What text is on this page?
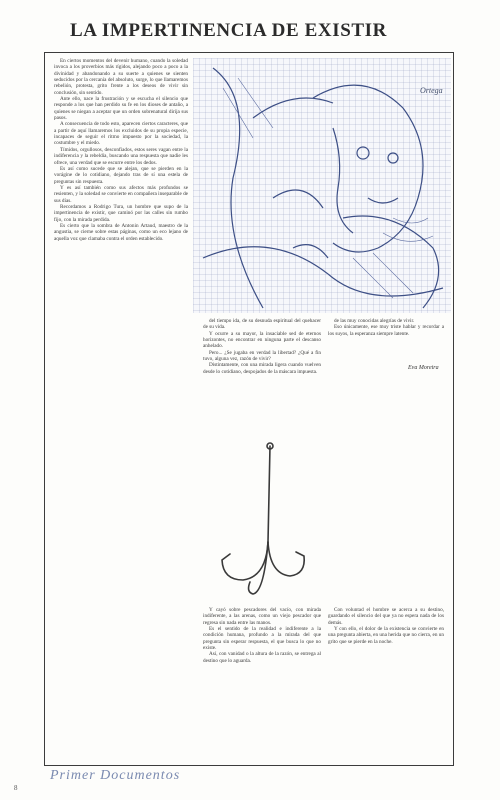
LA IMPERTINENCIA DE EXISTIR

En ciertos momentos del devenir humano, cuando la soledad invoca a los proverbios más rígidos, alejando poco a poco a la divinidad y abandonando a su suerte a quienes se sienten seducidos por la cercanía del absoluto, surge, lo que llamaremos rebelión, protesta, grito frente a los deseos de vivir sin conclusión, sin sentido.

Ante ello, nace la frustración y se escucha el silencio que responde a los que han perdido su fe en los dioses de antaño, a quienes se niegan a aceptar que un orden sobrenatural dirija sus pasos.

A consecuencia de todo esto, aparecen ciertos caracteres, que a partir de aquí llamaremos los excluidos de su propia especie, incapaces de seguir el ritmo impuesto por la sociedad, la costumbre y el miedo.

Tímidos, orgullosos, desconfiados, estos seres vagan entre la indiferencia y la rebeldía, buscando una respuesta que nadie les ofrece, una verdad que se escurre entre los dedos.

Es así como sucede que se alejan, que se pierden en la vorágine de lo cotidiano, dejando tras de sí una estela de preguntas sin respuesta.

Y es así también como sus afectos más profundos se resienten, y la soledad se convierte en compañera inseparable de sus días.

Recordamos a Rodrigo Tura, un hombre que supo de la impertinencia de existir, que caminó por las calles sin rumbo fijo, con la mirada perdida.

Es cierto que la sombra de Antonin Artaud, maestro de la angustia, se cierne sobre estas páginas, como un eco lejano de aquella voz que clamaba contra el orden establecido.

Ortega

del tiempo ida, de su desnuda espiritual del quehacer de su vida.

Y ocurre a su mayor, la insaciable sed de eternos horizontes, no encontrar en ninguna parte el descanso anhelado.

Pero... ¿Se jugaba en verdad la libertad? ¿Qué a fin tuvo, alguna vez, razón de vivir?

Distintamente, con una mirada ligera cuando vuelven desde lo cotidiano, despojados de la máscara impuesta.

de las muy conocidas alegrías de vivir.

Eso únicamente, ese muy triste hablar y recordar a los suyos, la esperanza siempre latente.

Eva Moreira

Y cayó sobre pescadores del vacío, con mirada indiferente, a las arenas, como un viejo pescador que regresa sin nada entre las manos.

Es el sentido de la realidad e indiferente a la condición humana, profundo a la mirada del que pregunta sin esperar respuesta, el que busca lo que no existe.

Así, con vanidad o la altura de la razón, se entrega al destino que lo aguarda.

Con voluntad el hombre se acerca a su destino, guardando el silencio del que ya no espera nada de los demás.

Y con ello, el dolor de la existencia se convierte en una pregunta abierta, en una herida que no cierra, en un grito que se pierde en la noche.

Primer Documentos
8
